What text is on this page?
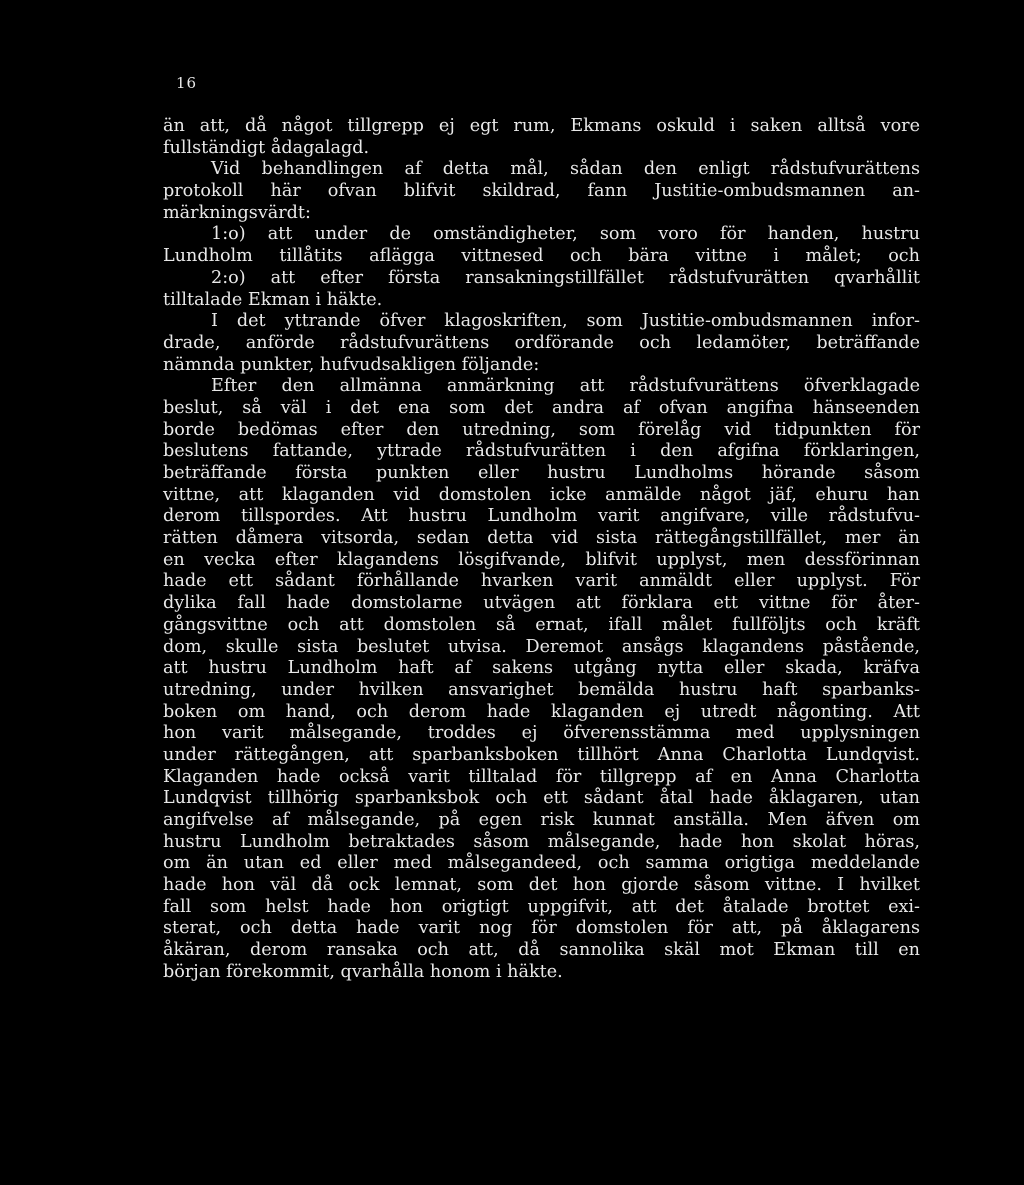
16
än att, då något tillgrepp ej egt rum, Ekmans oskuld i saken alltså vore
fullständigt ådagalagd.
Vid behandlingen af detta mål, sådan den enligt rådstufvurättens
protokoll här ofvan blifvit skildrad, fann Justitie-ombudsmannen an-
märkningsvärdt:
1:o) att under de omständigheter, som voro för handen, hustru
Lundholm tillåtits aflägga vittnesed och bära vittne i målet; och
2:o) att efter första ransakningstillfället rådstufvurätten qvarhållit
tilltalade Ekman i häkte.
I det yttrande öfver klagoskriften, som Justitie-ombudsmannen infor-
drade, anförde rådstufvurättens ordförande och ledamöter, beträffande
nämnda punkter, hufvudsakligen följande:
Efter den allmänna anmärkning att rådstufvurättens öfverklagade
beslut, så väl i det ena som det andra af ofvan angifna hänseenden
borde bedömas efter den utredning, som förelåg vid tidpunkten för
beslutens fattande, yttrade rådstufvurätten i den afgifna förklaringen,
beträffande första punkten eller hustru Lundholms hörande såsom
vittne, att klaganden vid domstolen icke anmälde något jäf, ehuru han
derom tillspordes. Att hustru Lundholm varit angifvare, ville rådstufvu-
rätten dåmera vitsorda, sedan detta vid sista rättegångstillfället, mer än
en vecka efter klagandens lösgifvande, blifvit upplyst, men dessförinnan
hade ett sådant förhållande hvarken varit anmäldt eller upplyst. För
dylika fall hade domstolarne utvägen att förklara ett vittne för åter-
gångsvittne och att domstolen så ernat, ifall målet fullföljts och kräft
dom, skulle sista beslutet utvisa. Deremot ansågs klagandens påstående,
att hustru Lundholm haft af sakens utgång nytta eller skada, kräfva
utredning, under hvilken ansvarighet bemälda hustru haft sparbanks-
boken om hand, och derom hade klaganden ej utredt någonting. Att
hon varit målsegande, troddes ej öfverensstämma med upplysningen
under rättegången, att sparbanksboken tillhört Anna Charlotta Lundqvist.
Klaganden hade också varit tilltalad för tillgrepp af en Anna Charlotta
Lundqvist tillhörig sparbanksbok och ett sådant åtal hade åklagaren, utan
angifvelse af målsegande, på egen risk kunnat anställa. Men äfven om
hustru Lundholm betraktades såsom målsegande, hade hon skolat höras,
om än utan ed eller med målsegandeed, och samma origtiga meddelande
hade hon väl då ock lemnat, som det hon gjorde såsom vittne. I hvilket
fall som helst hade hon origtigt uppgifvit, att det åtalade brottet exi-
sterat, och detta hade varit nog för domstolen för att, på åklagarens
åkäran, derom ransaka och att, då sannolika skäl mot Ekman till en
början förekommit, qvarhålla honom i häkte.
